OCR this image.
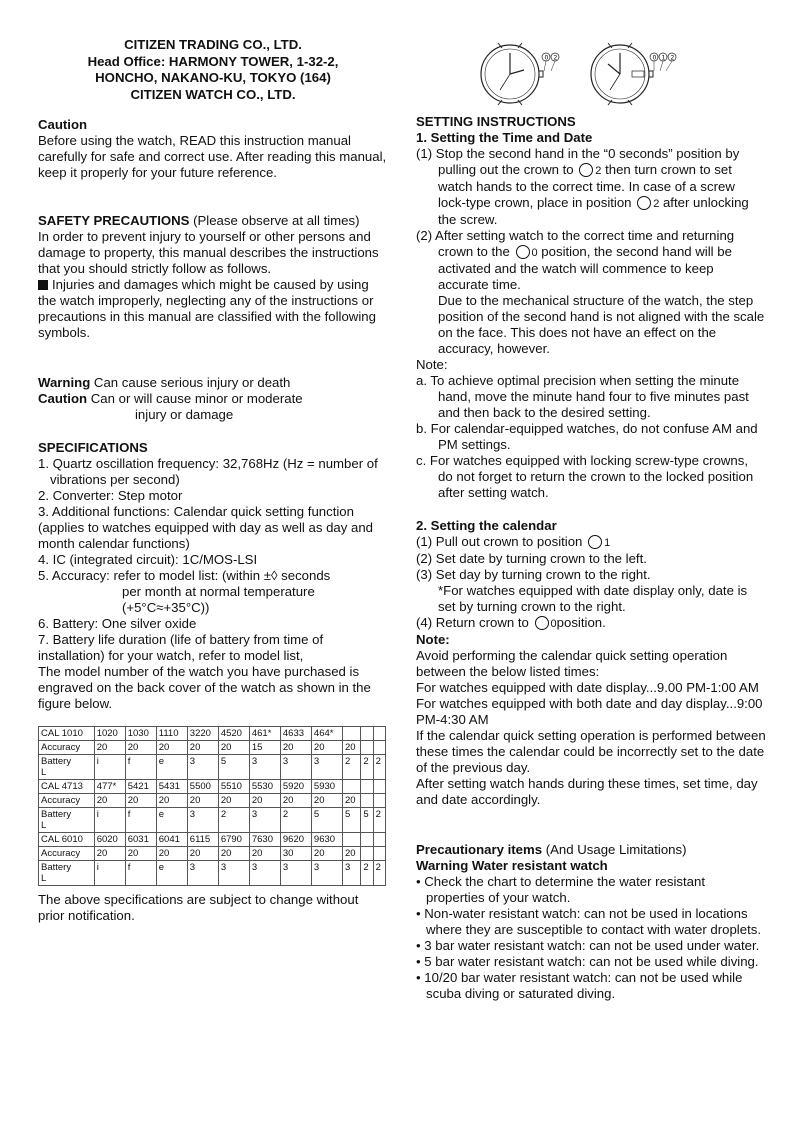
CITIZEN TRADING CO., LTD.
Head Office: HARMONY TOWER, 1-32-2,
HONCHO, NAKANO-KU, TOKYO (164)
CITIZEN WATCH CO., LTD.
0 2	0 1 2

Caution

Before using the watch, READ this instruction manual carefully for safe and correct use. After reading this manual, keep it properly for your future reference.

SAFETY PRECAUTIONS (Please observe at all times)

In order to prevent injury to yourself or other persons and damage to property, this manual describes the instructions that you should strictly follow as follows.

Injuries and damages which might be caused by using the watch improperly, neglecting any of the instructions or precautions in this manual are classified with the following symbols.

Warning Can cause serious injury or death

Caution Can or will cause minor or moderate

injury or damage

SPECIFICATIONS

1. Quartz oscillation frequency: 32,768Hz (Hz = number of vibrations per second)

2. Converter: Step motor

3. Additional functions: Calendar quick setting function (applies to watches equipped with day as well as day and month calendar functions)

4. IC (integrated circuit): 1C/MOS-LSI

5. Accuracy: refer to model list: (within ±◊ seconds

per month at normal temperature

(+5°C≈+35°C))

6. Battery: One silver oxide

7. Battery life duration (life of battery from time of installation) for your watch, refer to model list,

The model number of the watch you have purchased is engraved on the back cover of the watch as shown in the figure below.

The above specifications are subject to change without prior notification.

CAL 1010	1020	1030	1110	3220	4520	461*	4633	464*			
Accuracy	20	20	20	20	20	15	20	20	20		
Battery
L	i	f	e	3	5	3	3	3	2	2	2
CAL 4713	477*	5421	5431	5500	5510	5530	5920	5930			
Accuracy	20	20	20	20	20	20	20	20	20		
Battery
L	i	f	e	3	2	3	2	5	5	5	2
CAL 6010	6020	6031	6041	6115	6790	7630	9620	9630			
Accuracy	20	20	20	20	20	20	30	20	20		
Battery
L	i	f	e	3	3	3	3	3	3	2	2

SETTING INSTRUCTIONS

1. Setting the Time and Date

(1) Stop the second hand in the “0 seconds” position by pulling out the crown to 2 then turn crown to set watch hands to the correct time. In case of a screw lock-type crown, place in position 2 after unlocking the screw.

(2) After setting watch to the correct time and returning crown to the 0 position, the second hand will be activated and the watch will commence to keep accurate time.

Due to the mechanical structure of the watch, the step position of the second hand is not aligned with the scale on the face. This does not have an effect on the accuracy, however.

Note:

a. To achieve optimal precision when setting the minute hand, move the minute hand four to five minutes past and then back to the desired setting.

b. For calendar-equipped watches, do not confuse AM and PM settings.

c. For watches equipped with locking screw-type crowns, do not forget to return the crown to the locked position after setting watch.

2. Setting the calendar

(1) Pull out crown to position 1

(2) Set date by turning crown to the left.

(3) Set day by turning crown to the right.

*For watches equipped with date display only, date is set by turning crown to the right.

(4) Return crown to 0position.

Note:

Avoid performing the calendar quick setting operation between the below listed times:

For watches equipped with date display...9.00 PM-1:00 AM

For watches equipped with both date and day display...9:00 PM-4:30 AM

If the calendar quick setting operation is performed between these times the calendar could be incorrectly set to the date of the previous day.

After setting watch hands during these times, set time, day and date accordingly.

Precautionary items (And Usage Limitations)

Warning Water resistant watch

• Check the chart to determine the water resistant properties of your watch.
• Non-water resistant watch: can not be used in locations where they are susceptible to contact with water droplets.
• 3 bar water resistant watch: can not be used under water.
• 5 bar water resistant watch: can not be used while diving.
• 10/20 bar water resistant watch: can not be used while scuba diving or saturated diving.
